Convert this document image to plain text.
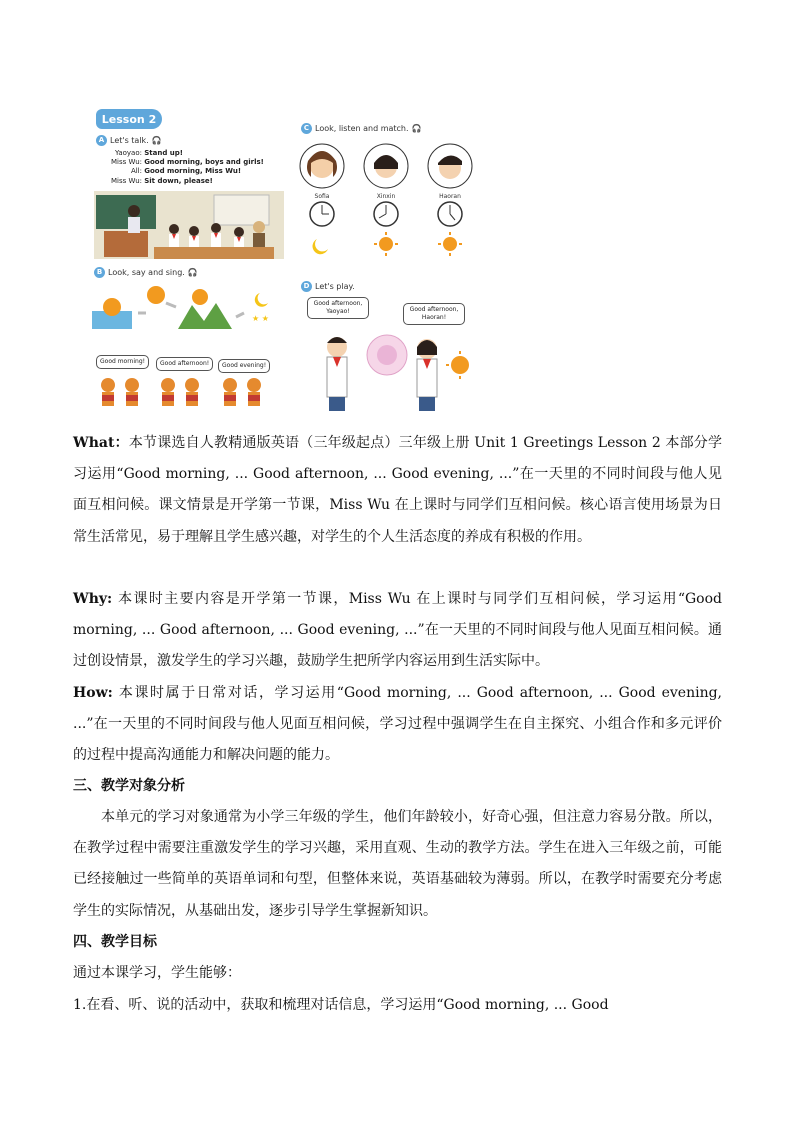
Lesson 2
A Let's talk. 🎧
Yaoyao: Stand up!
Miss Wu: Good morning, boys and girls!
All: Good morning, Miss Wu!
Miss Wu: Sit down, please!
C Look, listen and match. 🎧
Sofia	Xinxin	Haoran
B Look, say and sing. 🎧
★ ★
Good morning!	Good afternoon!	Good evening!
D Let's play.
Good afternoon, Yaoyao!	Good afternoon, Haoran!
What：本节课选自人教精通版英语（三年级起点）三年级上册 Unit 1 Greetings Lesson 2 本部分学习运用“Good morning, ... Good afternoon, ... Good evening, ...”在一天里的不同时间段与他人见面互相问候。课文情景是开学第一节课，Miss Wu 在上课时与同学们互相问候。核心语言使用场景为日常生活常见，易于理解且学生感兴趣，对学生的个人生活态度的养成有积极的作用。
Why: 本课时主要内容是开学第一节课，Miss Wu 在上课时与同学们互相问候，学习运用“Good morning, ... Good afternoon, ... Good evening, ...”在一天里的不同时间段与他人见面互相问候。通过创设情景，激发学生的学习兴趣，鼓励学生把所学内容运用到生活实际中。
How: 本课时属于日常对话，学习运用“Good morning, ... Good afternoon, ... Good evening, ...”在一天里的不同时间段与他人见面互相问候，学习过程中强调学生在自主探究、小组合作和多元评价的过程中提高沟通能力和解决问题的能力。
三、教学对象分析
本单元的学习对象通常为小学三年级的学生，他们年龄较小，好奇心强，但注意力容易分散。所以，在教学过程中需要注重激发学生的学习兴趣，采用直观、生动的教学方法。学生在进入三年级之前，可能已经接触过一些简单的英语单词和句型，但整体来说，英语基础较为薄弱。所以，在教学时需要充分考虑学生的实际情况，从基础出发，逐步引导学生掌握新知识。
四、教学目标
通过本课学习，学生能够：
1.在看、听、说的活动中，获取和梳理对话信息，学习运用“Good morning, ... Good
